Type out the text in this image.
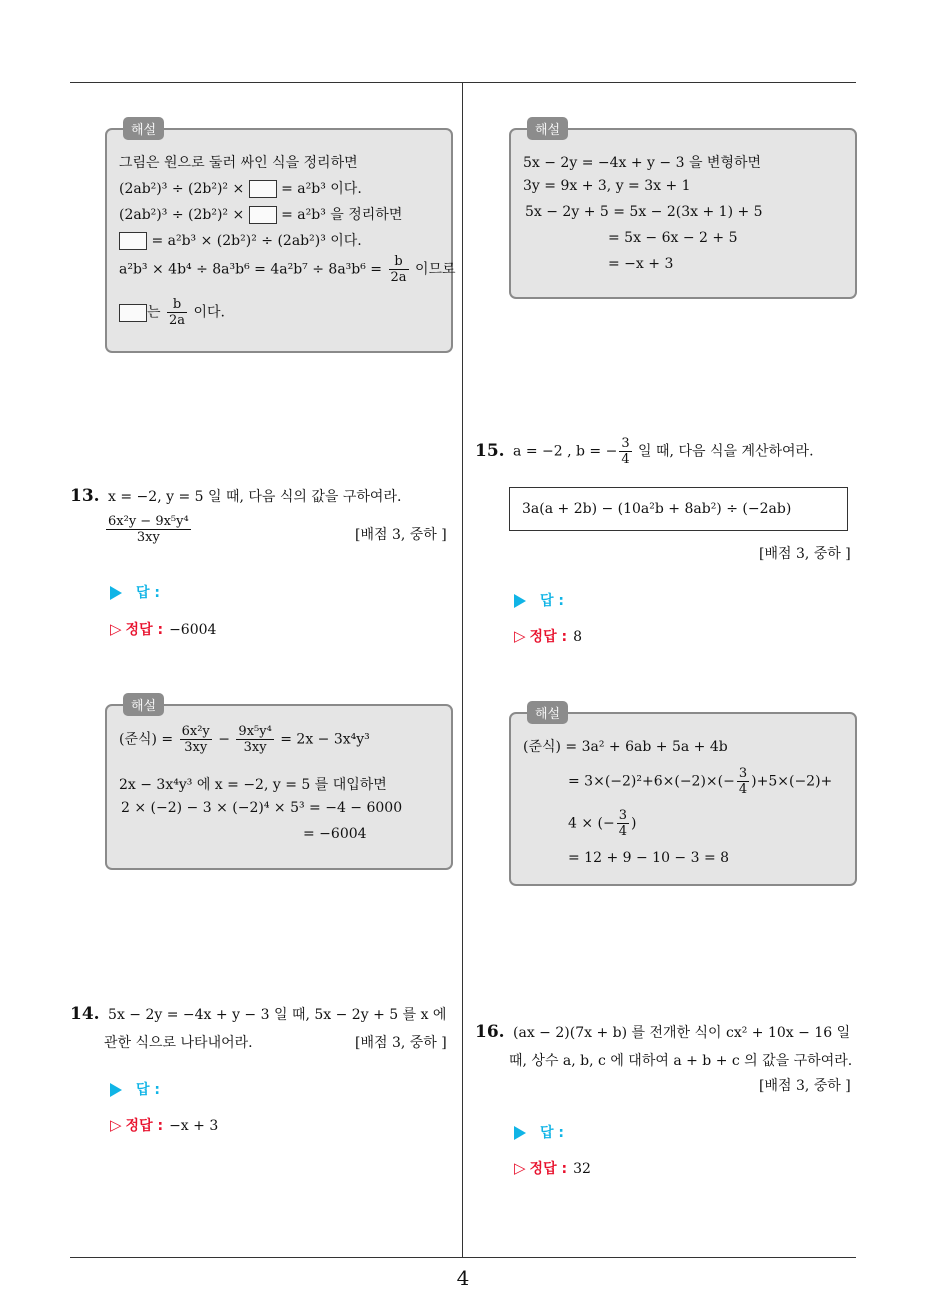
해설
그림은 원으로 둘러 싸인 식을 정리하면
(2ab²)³ ÷ (2b²)² ×  = a²b³ 이다.
(2ab²)³ ÷ (2b²)² ×  = a²b³ 을 정리하면
= a²b³ × (2b²)² ÷ (2ab²)³ 이다.
$a^2b^3 \times 4b^4 \div 8a^3b^6 = 4a^2b^7 \div 8a^3b^6 = \frac{b}{2a}$ 이므로
는 $\frac{b}{2a}$ 이다.
13. x = −2, y = 5 일 때, 다음 식의 값을 구하여라.
$\frac{\text{6x²y − 9x⁵y⁴}}{3xy}$	[배점 3, 중하 ]
답 :
▷ 정답 : −6004
해설
(준식) = $\frac{\text{6x²y}}{3xy} - \frac{\text{9x⁵y⁴}}{3xy} = 2x - 3x^4y^3$
2x − 3x⁴y³ 에 x = −2, y = 5 를 대입하면
2 × (−2) − 3 × (−2)⁴ × 5³ = −4 − 6000
= −6004
14. 5x − 2y = −4x + y − 3 일 때, 5x − 2y + 5 를 x 에
관한 식으로 나타내어라.	[배점 3, 중하 ]
답 :
▷ 정답 : −x + 3
해설
5x − 2y = −4x + y − 3 을 변형하면
3y = 9x + 3, y = 3x + 1
5x − 2y + 5 = 5x − 2(3x + 1) + 5
= 5x − 6x − 2 + 5
= −x + 3
15. a = −2 , b = − $\frac{3}{4}$ 일 때, 다음 식을 계산하여라.
3a(a + 2b) − (10a²b + 8ab²) ÷ (−2ab)
[배점 3, 중하 ]
답 :
▷ 정답 : 8
해설
(준식) = 3a² + 6ab + 5a + 4b
= $3\times(-2)^2+6\times(-2)\times(- \frac{3}{4} )+5\times(-2)+$
4 × (− $\frac{3}{4}$ )
= 12 + 9 − 10 − 3 = 8
16. (ax − 2)(7x + b) 를 전개한 식이 cx² + 10x − 16 일
때, 상수 a, b, c 에 대하여 a + b + c 의 값을 구하여라.
[배점 3, 중하 ]
답 :
▷ 정답 : 32
4
